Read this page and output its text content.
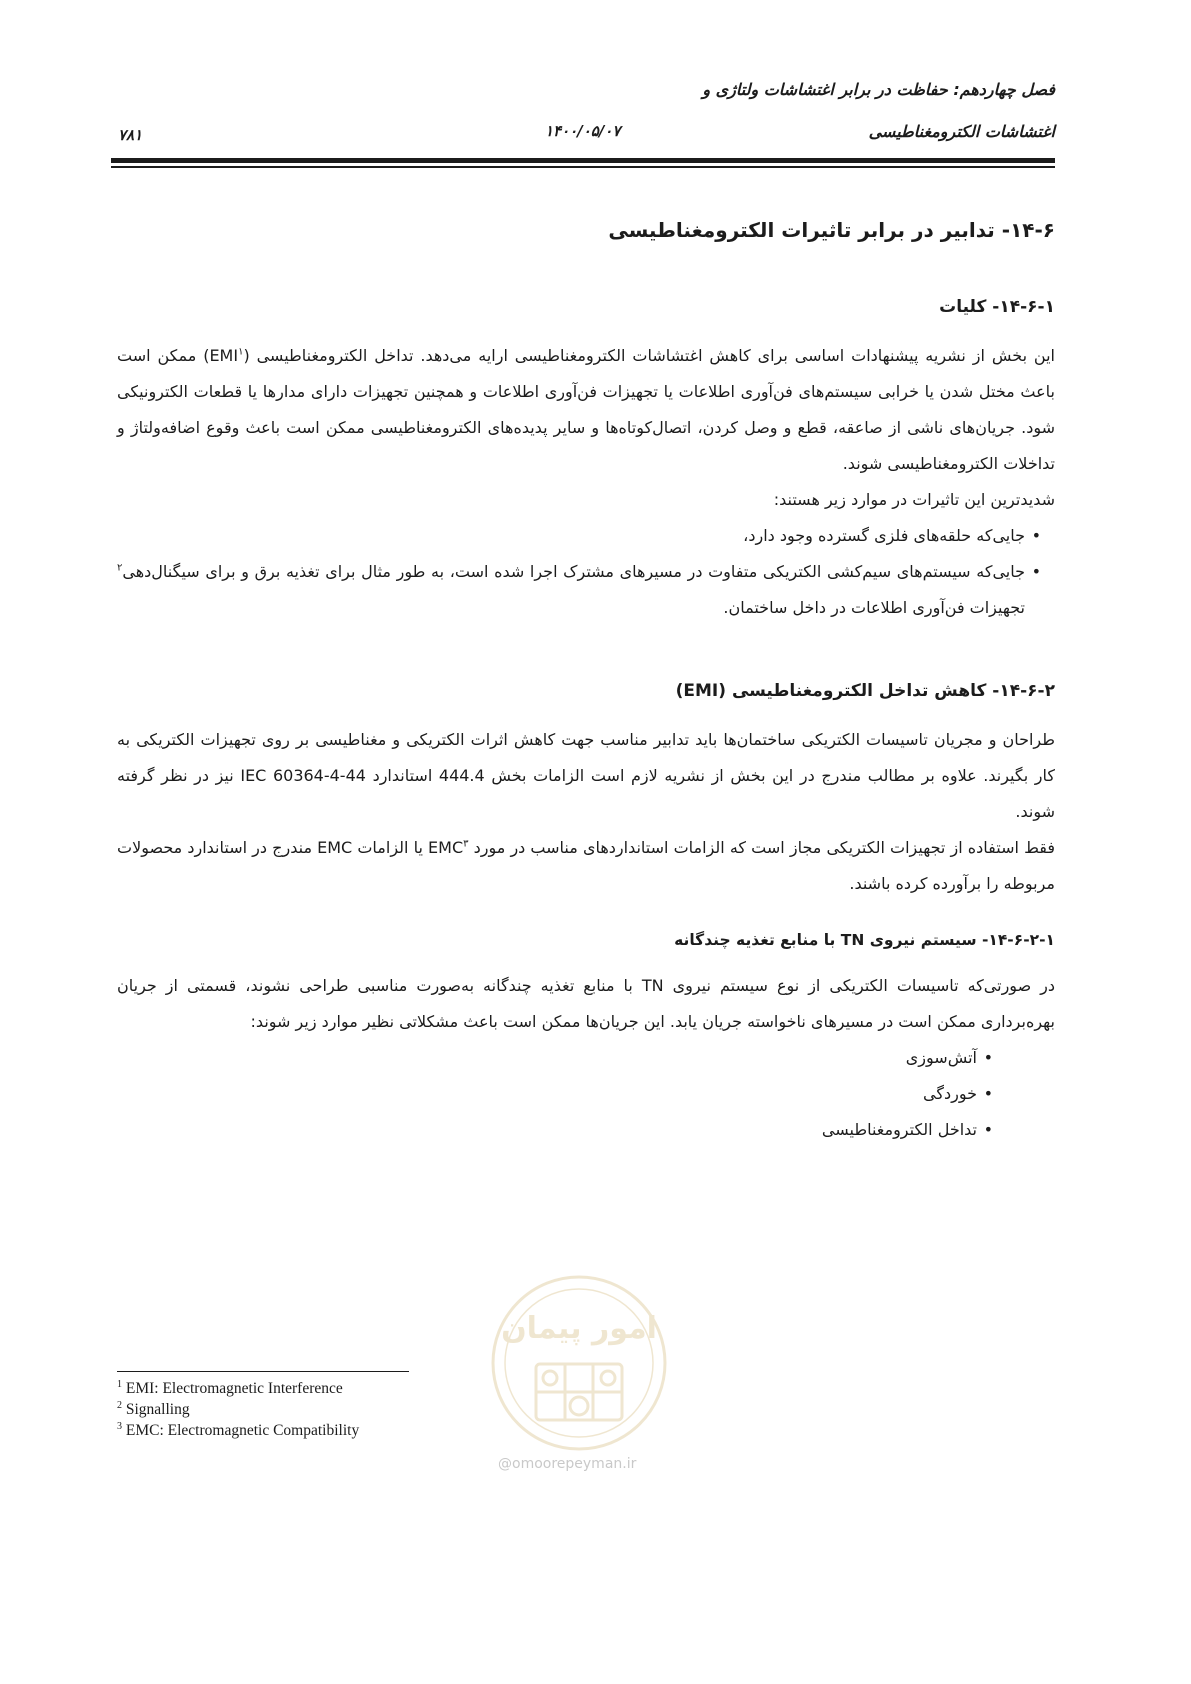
فصل چهاردهم: حفاظت در برابر اغتشاشات ولتاژی و
اغتشاشات الکترومغناطیسی
۱۴۰۰/۰۵/۰۷
۷۸۱
۱۴-۶- تدابیر در برابر تاثیرات الکترومغناطیسی
۱۴-۶-۱- کلیات

این بخش از نشریه پیشنهادات اساسی برای کاهش اغتشاشات الکترومغناطیسی ارایه می‌دهد. تداخل الکترومغناطیسی (EMI$^۱$) ممکن است باعث مختل شدن یا خرابی سیستم‌های فن‌آوری اطلاعات یا تجهیزات فن‌آوری اطلاعات و همچنین تجهیزات دارای مدارها یا قطعات الکترونیکی شود. جریان‌های ناشی از صاعقه، قطع و وصل کردن، اتصال‌کوتاه‌ها و سایر پدیده‌های الکترومغناطیسی ممکن است باعث وقوع اضافه‌ولتاژ و تداخلات الکترومغناطیسی شوند.

شدیدترین این تاثیرات در موارد زیر هستند:

• جایی‌که حلقه‌های فلزی گسترده وجود دارد،
• جایی‌که سیستم‌های سیم‌کشی الکتریکی متفاوت در مسیرهای مشترک اجرا شده است، به طور مثال برای تغذیه برق و برای سیگنال‌دهی$^۲$ تجهیزات فن‌آوری اطلاعات در داخل ساختمان.
۱۴-۶-۲- کاهش تداخل الکترومغناطیسی (EMI)

طراحان و مجریان تاسیسات الکتریکی ساختمان‌ها باید تدابیر مناسب جهت کاهش اثرات الکتریکی و مغناطیسی بر روی تجهیزات الکتریکی به کار بگیرند. علاوه بر مطالب مندرج در این بخش از نشریه لازم است الزامات بخش 444.4 استاندارد IEC 60364-4-44 نیز در نظر گرفته شوند.

فقط استفاده از تجهیزات الکتریکی مجاز است که الزامات استانداردهای مناسب در مورد EMC$^۳$ یا الزامات EMC مندرج در استاندارد محصولات مربوطه را برآورده کرده باشند.

۱۴-۶-۲-۱- سیستم نیروی TN با منابع تغذیه چندگانه

در صورتی‌که تاسیسات الکتریکی از نوع سیستم نیروی TN با منابع تغذیه چندگانه به‌صورت مناسبی طراحی نشوند، قسمتی از جریان بهره‌برداری ممکن است در مسیرهای ناخواسته جریان یابد. این جریان‌ها ممکن است باعث مشکلاتی نظیر موارد زیر شوند:

• آتش‌سوزی
• خوردگی
• تداخل الکترومغناطیسی
امور پیمان
@omoorepeyman.ir
$^1$ EMI: Electromagnetic Interference
$^2$ Signalling
$^3$ EMC: Electromagnetic Compatibility
